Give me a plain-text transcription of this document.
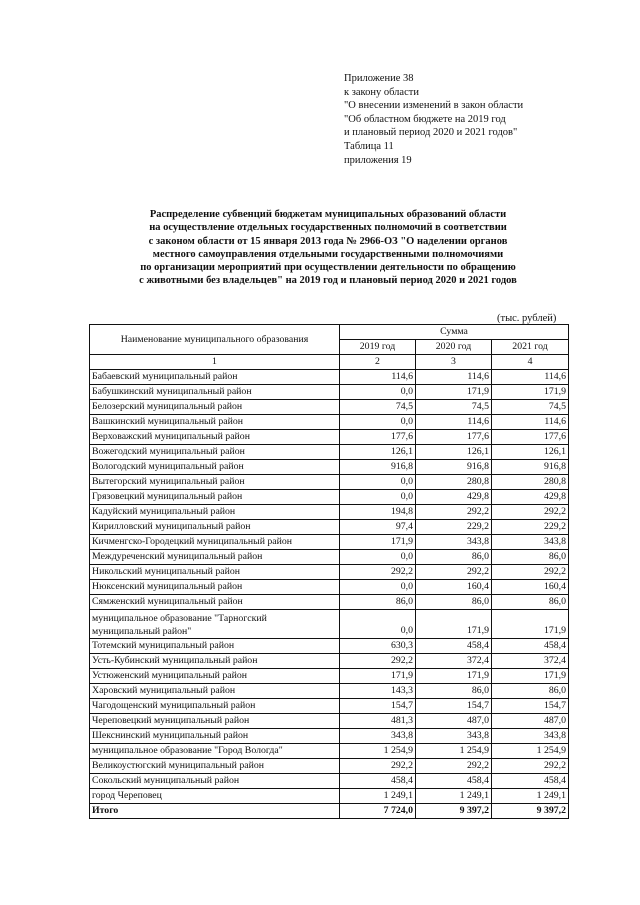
Приложение 38
к закону области
"О внесении изменений в закон области
"Об областном бюджете на 2019 год
и плановый период 2020 и 2021 годов"
Таблица 11
приложения 19
Распределение субвенций бюджетам муниципальных образований области
на осуществление отдельных государственных полномочий в соответствии
с законом области от 15 января 2013 года № 2966-ОЗ "О наделении органов
местного самоуправления отдельными государственными полномочиями
по организации мероприятий при осуществлении деятельности по обращению
с животными без владельцев" на 2019 год и плановый период 2020 и 2021 годов
(тыс. рублей)
Наименование муниципального образования	Сумма		
	2019 год	2020 год	2021 год
1	2	3	4
Бабаевский муниципальный район	114,6	114,6	114,6
Бабушкинский муниципальный район	0,0	171,9	171,9
Белозерский муниципальный район	74,5	74,5	74,5
Вашкинский муниципальный район	0,0	114,6	114,6
Верховажский муниципальный район	177,6	177,6	177,6
Вожегодский муниципальный район	126,1	126,1	126,1
Вологодский муниципальный район	916,8	916,8	916,8
Вытегорский муниципальный район	0,0	280,8	280,8
Грязовецкий муниципальный район	0,0	429,8	429,8
Кадуйский муниципальный район	194,8	292,2	292,2
Кирилловский муниципальный район	97,4	229,2	229,2
Кичменгско-Городецкий муниципальный район	171,9	343,8	343,8
Междуреченский муниципальный район	0,0	86,0	86,0
Никольский муниципальный район	292,2	292,2	292,2
Нюксенский муниципальный район	0,0	160,4	160,4
Сямженский муниципальный район	86,0	86,0	86,0
муниципальное образование "Тарногский муниципальный район"	0,0	171,9	171,9
Тотемский муниципальный район	630,3	458,4	458,4
Усть-Кубинский муниципальный район	292,2	372,4	372,4
Устюженский муниципальный район	171,9	171,9	171,9
Харовский муниципальный район	143,3	86,0	86,0
Чагодощенский муниципальный район	154,7	154,7	154,7
Череповецкий муниципальный район	481,3	487,0	487,0
Шекснинский муниципальный район	343,8	343,8	343,8
муниципальное образование "Город Вологда"	1 254,9	1 254,9	1 254,9
Великоустюгский муниципальный район	292,2	292,2	292,2
Сокольский муниципальный район	458,4	458,4	458,4
город Череповец	1 249,1	1 249,1	1 249,1
Итого	7 724,0	9 397,2	9 397,2
